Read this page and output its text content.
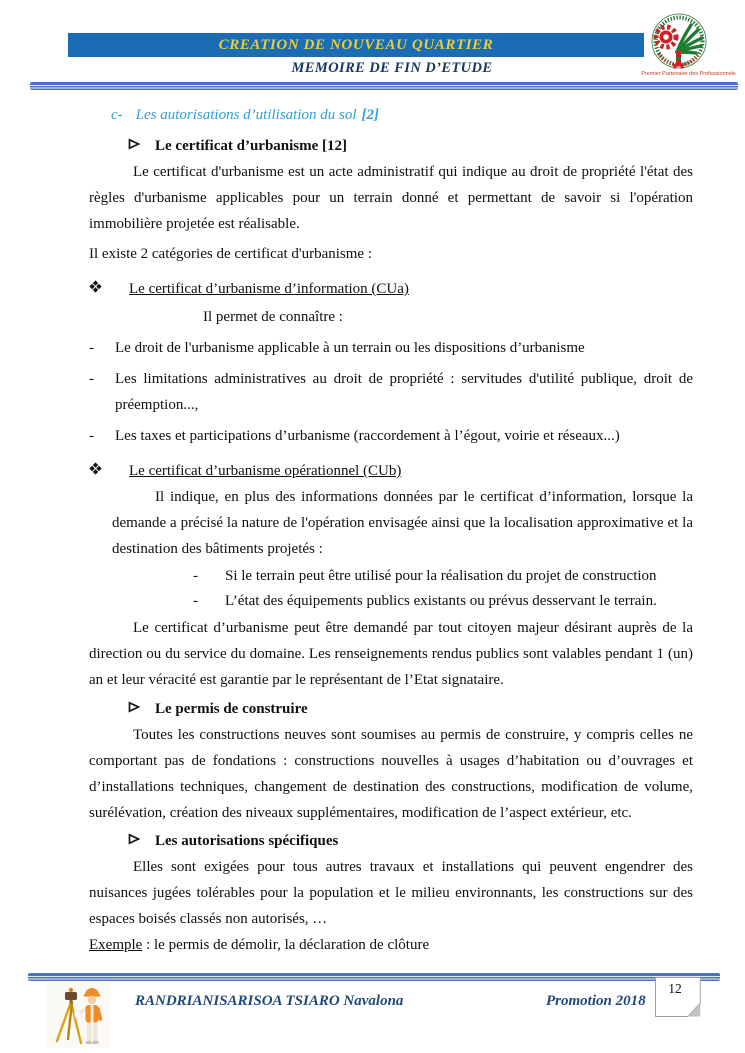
CREATION DE NOUVEAU QUARTIER
MEMOIRE DE FIN D’ETUDE	Premier Partenaire des Professionnels
c- Les autorisations d’utilisation du sol [2]
Le certificat d’urbanisme [12]
Le certificat d'urbanisme est un acte administratif qui indique au droit de propriété l'état des règles d'urbanisme applicables pour un terrain donné et permettant de savoir si l'opération immobilière projetée est réalisable.
Il existe 2 catégories de certificat d'urbanisme :
Le certificat d’urbanisme d’information (CUa)
Il permet de connaître :
- Le droit de l'urbanisme applicable à un terrain ou les dispositions d’urbanisme
- Les limitations administratives au droit de propriété : servitudes d'utilité publique, droit de préemption...,
- Les taxes et participations d’urbanisme (raccordement à l’égout, voirie et réseaux...)
Le certificat d’urbanisme opérationnel (CUb)
Il indique, en plus des informations données par le certificat d’information, lorsque la demande a précisé la nature de l'opération envisagée ainsi que la localisation approximative et la destination des bâtiments projetés :
- Si le terrain peut être utilisé pour la réalisation du projet de construction
- L’état des équipements publics existants ou prévus desservant le terrain.
Le certificat d’urbanisme peut être demandé par tout citoyen majeur désirant auprès de la direction ou du service du domaine. Les renseignements rendus publics sont valables pendant 1 (un) an et leur véracité est garantie par le représentant de l’Etat signataire.
Le permis de construire
Toutes les constructions neuves sont soumises au permis de construire, y compris celles ne comportant pas de fondations : constructions nouvelles à usages d’habitation ou d’ouvrages et d’installations techniques, changement de destination des constructions, modification de volume, surélévation, création des niveaux supplémentaires, modification de l’aspect extérieur, etc.
Les autorisations spécifiques
Elles sont exigées pour tous autres travaux et installations qui peuvent engendrer des nuisances jugées tolérables pour la population et le milieu environnants, les constructions sur des espaces boisés classés non autorisés, …
Exemple : le permis de démolir, la déclaration de clôture
RANDRIANISARISOA TSIARO Navalona	Promotion 2018
12
